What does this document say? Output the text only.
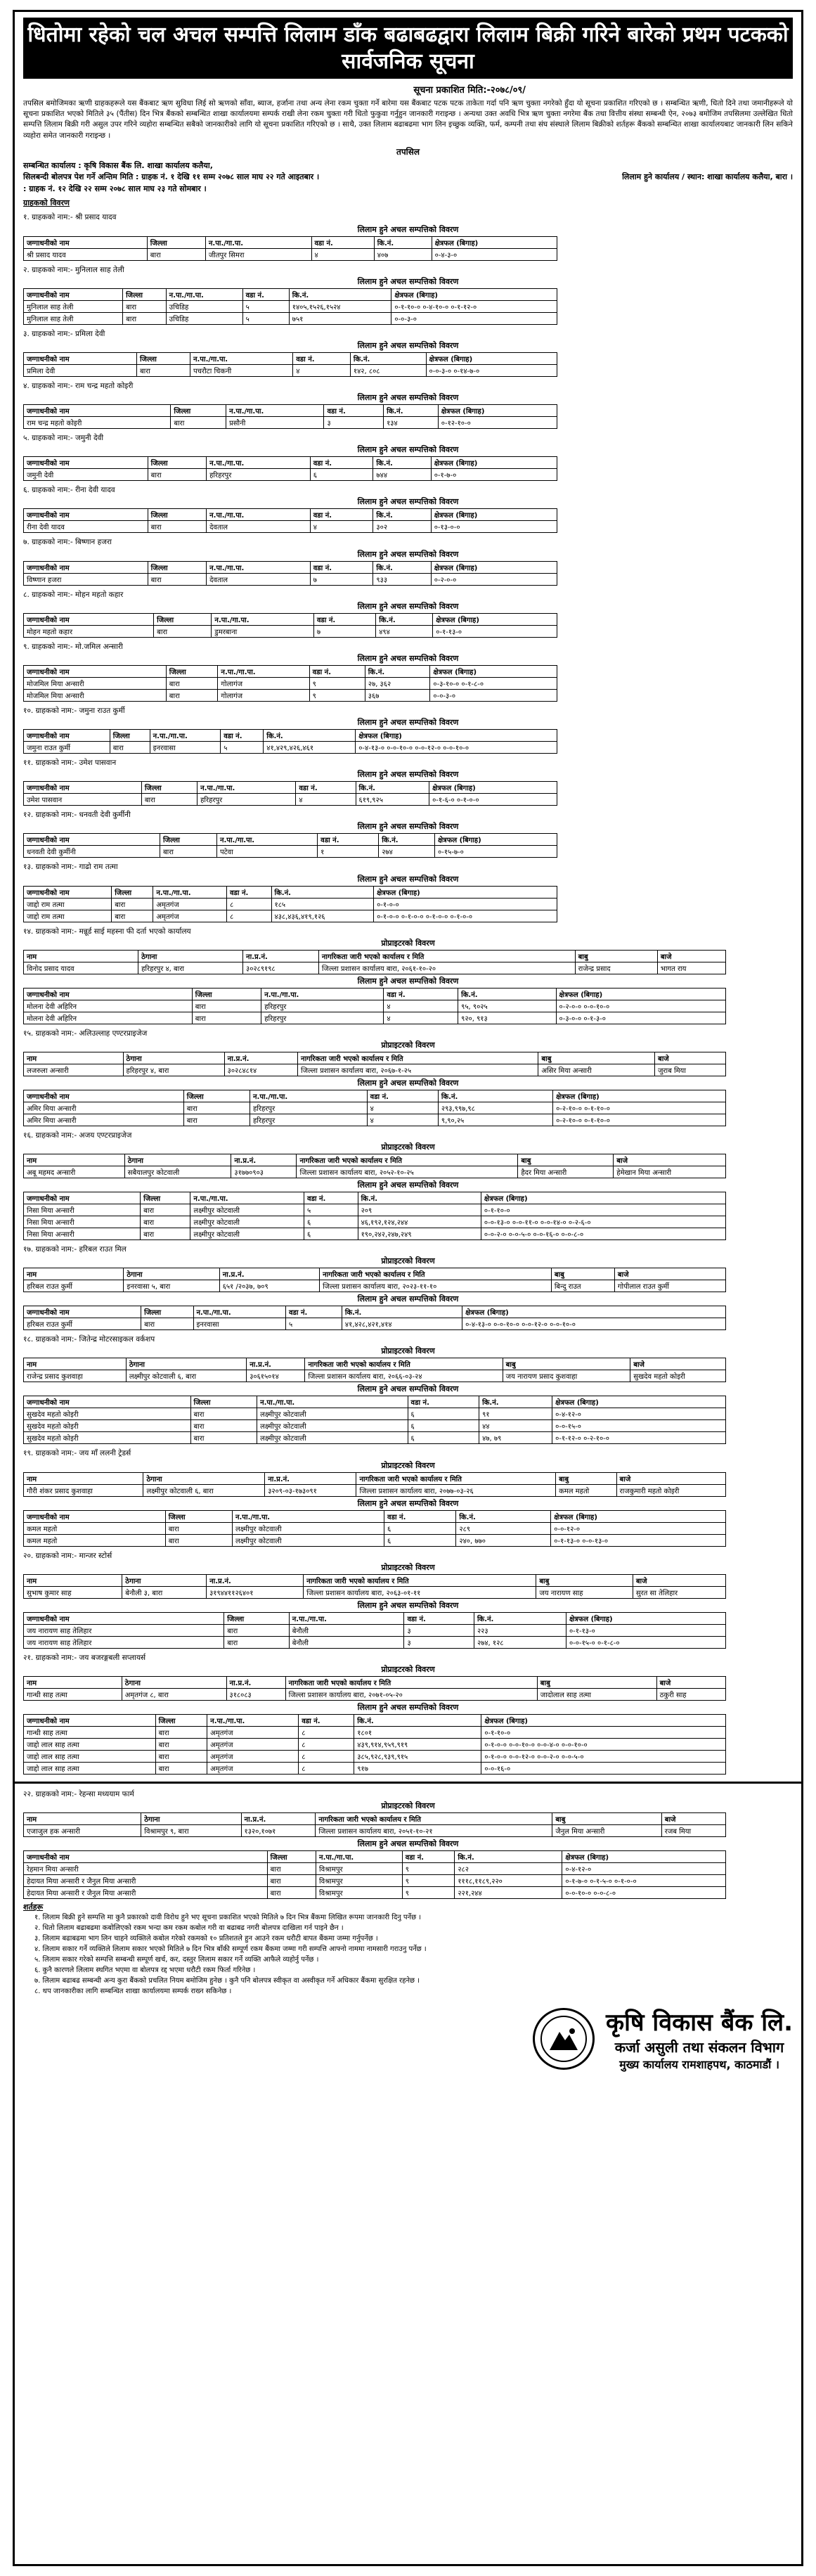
धितोमा रहेको चल अचल सम्पत्ति लिलाम डाँक बढाबढद्वारा लिलाम बिक्री गरिने बारेको प्रथम पटकको सार्वजनिक सूचना
सूचना प्रकाशित मिति:-२०७८/०९/
तपसिल बमोजिमका ऋणी ग्राहकहरूले यस बैंकबाट ऋण सुविधा लिई सो ऋणको साँवा, ब्याज, हर्जाना तथा अन्य लेना रकम चुक्ता गर्ने बारेमा यस बैंकबाट पटक पटक ताकेता गर्दा पनि ऋण चुक्ता नगरेको हुँदा यो सूचना प्रकाशित गरिएको छ । सम्बन्धित ऋणी, धितो दिने तथा जमानीहरूले यो सूचना प्रकाशित भएको मितिले ३५ (पैंतीस) दिन भित्र बैंकको सम्बन्धित शाखा कार्यालयमा सम्पर्क राखी लेना रकम चुक्ता गरी धितो फुकुवा गर्नुहुन जानकारी गराइन्छ । अन्यथा उक्त अवधि भित्र ऋण चुक्ता नगरेमा बैंक तथा वित्तीय संस्था सम्बन्धी ऐन, २०७३ बमोजिम तपसिलमा उल्लेखित धितो सम्पत्ति लिलाम बिक्री गरी असुल उपर गरिने व्यहोरा सम्बन्धित सबैको जानकारीको लागि यो सूचना प्रकाशित गरिएको छ । साथै, उक्त लिलाम बढाबढमा भाग लिन इच्छुक व्यक्ति, फर्म, कम्पनी तथा संघ संस्थाले लिलाम बिक्रीको शर्तहरू बैंकको सम्बन्धित शाखा कार्यालयबाट जानकारी लिन सकिने व्यहोरा समेत जानकारी गराइन्छ ।
तपसिल
सम्बन्धित कार्यालय : कृषि विकास बैंक लि. शाखा कार्यालय कलैया,
सिलबन्दी बोलपत्र पेश गर्ने अन्तिम मिति : ग्राहक नं. १ देखि ११ सम्म २०७८ साल माघ २२ गते आइतबार ।	लिलाम हुने कार्यालय / स्थान: शाखा कार्यालय कलैया, बारा ।
: ग्राहक नं. १२ देखि २२ सम्म २०७८ साल माघ २३ गते सोमबार ।
ग्राहकको विवरण
१. ग्राहकको नाम:- श्री प्रसाद यादव
लिलाम हुने अचल सम्पत्तिको विवरण
जग्गाधनीको नाम	जिल्ला	न.पा./गा.पा.	वडा नं.	कि.नं.	क्षेत्रफल (बिगाह)
श्री प्रसाद यादव	बारा	जीतपुर सिमरा	४	४०७	०-४-३-०
२. ग्राहकको नाम:- मुनिलाल साह तेली
लिलाम हुने अचल सम्पत्तिको विवरण
जग्गाधनीको नाम	जिल्ला	न.पा./गा.पा.	वडा नं.	कि.नं.	क्षेत्रफल (बिगाह)
मुनिलाल साह तेली	बारा	उचिडिह	५	१४०५,१५२६,१५२४	०-१-१०-० ०-४-१०-० ०-१-१२-०
मुनिलाल साह तेली	बारा	उचिडिह	५	७५१	०-०-३-०
३. ग्राहकको नाम:- प्रमिला देवी
लिलाम हुने अचल सम्पत्तिको विवरण
जग्गाधनीको नाम	जिल्ला	न.पा./गा.पा.	वडा नं.	कि.नं.	क्षेत्रफल (बिगाह)
प्रमिला देवी	बारा	पचरौटा चिकनी	४	१४२, ८०८	०-०-३-० ०-१४-७-०
४. ग्राहकको नाम:- राम चन्द्र महतो कोइरी
लिलाम हुने अचल सम्पत्तिको विवरण
जग्गाधनीको नाम	जिल्ला	न.पा./गा.पा.	वडा नं.	कि.नं.	क्षेत्रफल (बिगाह)
राम चन्द्र महतो कोइरी	बारा	प्रसौनी	३	१३४	०-१२-१०-०
५. ग्राहकको नाम:- जमुनी देवी
लिलाम हुने अचल सम्पत्तिको विवरण
जग्गाधनीको नाम	जिल्ला	न.पा./गा.पा.	वडा नं.	कि.नं.	क्षेत्रफल (बिगाह)
जमुनी देवी	बारा	हरिहरपुर	६	७४४	०-१-७-०
६. ग्राहकको नाम:- रीना देवी यादव
लिलाम हुने अचल सम्पत्तिको विवरण
जग्गाधनीको नाम	जिल्ला	न.पा./गा.पा.	वडा नं.	कि.नं.	क्षेत्रफल (बिगाह)
रीना देवी यादव	बारा	देवताल	४	३०२	०-१३-०-०
७. ग्राहकको नाम:- बिष्णान हजरा
लिलाम हुने अचल सम्पत्तिको विवरण
जग्गाधनीको नाम	जिल्ला	न.पा./गा.पा.	वडा नं.	कि.नं.	क्षेत्रफल (बिगाह)
विष्णान हजरा	बारा	देवताल	७	९३३	०-२-०-०
८. ग्राहकको नाम:- मोहन महतो कहार
लिलाम हुने अचल सम्पत्तिको विवरण
जग्गाधनीको नाम	जिल्ला	न.पा./गा.पा.	वडा नं.	कि.नं.	क्षेत्रफल (बिगाह)
मोहन महतो कहार	बारा	डुमरबाना	७	४९४	०-१-१३-०
९. ग्राहकको नाम:- मो.जमिल अन्सारी
लिलाम हुने अचल सम्पत्तिको विवरण
जग्गाधनीको नाम	जिल्ला	न.पा./गा.पा.	वडा नं.	कि.नं.	क्षेत्रफल (बिगाह)
मोजमिल मिया अन्सारी	बारा	गोलागंज	९	२७, ३६२	०-३-१०-० ०-१-८-०
मोजमिल मिया अन्सारी	बारा	गोलागंज	९	३६७	०-०-३-०
१०. ग्राहकको नाम:- जमुना राउत कुर्मी
लिलाम हुने अचल सम्पत्तिको विवरण
जग्गाधनीको नाम	जिल्ला	न.पा./गा.पा.	वडा नं.	कि.नं.	क्षेत्रफल (बिगाह)
जमुना राउत कुर्मी	बारा	इनरवासा	५	४१,४२९,४२६,४६१	०-४-१३-० ०-०-१०-० ०-०-१२-० ०-०-१०-०
११. ग्राहकको नाम:- उमेश पासवान
लिलाम हुने अचल सम्पत्तिको विवरण
जग्गाधनीको नाम	जिल्ला	न.पा./गा.पा.	वडा नं.	कि.नं.	क्षेत्रफल (बिगाह)
उमेश पासवान	बारा	हरिहरपुर	४	६१९,९२५	०-१-६-० ०-१-०-०
१२. ग्राहकको नाम:- धनवती देवी कुर्मीनी
लिलाम हुने अचल सम्पत्तिको विवरण
जग्गाधनीको नाम	जिल्ला	न.पा./गा.पा.	वडा नं.	कि.नं.	क्षेत्रफल (बिगाह)
धनवती देवी कुर्मीनी	बारा	पटेवा	१	२७४	०-१५-७-०
१३. ग्राहकको नाम:- गाढो राम तत्मा
लिलाम हुने अचल सम्पत्तिको विवरण
जग्गाधनीको नाम	जिल्ला	न.पा./गा.पा.	वडा नं.	कि.नं.	क्षेत्रफल (बिगाह)
जाद्दो राम तत्मा	बारा	अमृतगंज	८	१८५	०-१-०-०
जाद्दो राम तत्मा	बारा	अमृतगंज	८	४३८,४३६,४१९,१२६	०-१-०-० ०-१-०-० ०-१-०-० ०-१-०-०
१४. ग्राहकको नाम:- मन्नूर्ड साई महस्ना फी दर्ता भएको कार्यालय
प्रोप्राइटरको विवरण
नाम	ठेगाना	ना.प्र.नं.	नागरिकता जारी भएको कार्यालय र मिति	बाबु	बाजे
विनोद प्रसाद यादव	हरिहरपुर ४, बारा	३०२८९१९८	जिल्ला प्रशासन कार्यालय बारा, २०६१-१०-२०	राजेन्द्र प्रसाद	भागत राय
लिलाम हुने अचल सम्पत्तिको विवरण
जग्गाधनीको नाम	जिल्ला	न.पा./गा.पा.	वडा नं.	कि.नं.	क्षेत्रफल (बिगाह)
मोलना देवी अहिरिन	बारा	हरिहरपुर	४	९५, ९०२५	०-२-०-० ०-०-१०-०
मोलना देवी अहिरिन	बारा	हरिहरपुर	४	९२०, ९१३	०-३-०-० ०-१-३-०
१५. ग्राहकको नाम:- अलिउल्लाह एण्टरप्राइजेज
प्रोप्राइटरको विवरण
नाम	ठेगाना	ना.प्र.नं.	नागरिकता जारी भएको कार्यालय र मिति	बाबु	बाजे
लजरुला अन्सारी	हरिहरपुर ४, बारा	३०२८४८१४	जिल्ला प्रशासन कार्यालय बारा, २०६७-१-२५	असिर मिया अन्सारी	जुराब मिया
लिलाम हुने अचल सम्पत्तिको विवरण
जग्गाधनीको नाम	जिल्ला	न.पा./गा.पा.	वडा नं.	कि.नं.	क्षेत्रफल (बिगाह)
अमिर मिया अन्सारी	बारा	हरिहरपुर	४	२९३,९९७,९८	०-२-१०-० ०-१-१०-०
अमिर मिया अन्सारी	बारा	हरिहरपुर	४	९,९०,२५	०-२-१०-० ०-१-१०-०
१६. ग्राहकको नाम:- अजय एण्टरप्राइजेज
प्रोप्राइटरको विवरण
नाम	ठेगाना	ना.प्र.नं.	नागरिकता जारी भएको कार्यालय र मिति	बाबु	बाजे
अबू महमद अन्सारी	सबैयालपुर कोटवाली	३१७७०९०३	जिल्ला प्रशासन कार्यालय बारा, २०५२-१०-२५	हैदर मिया अन्सारी	हेमेखान मिया अन्सारी
लिलाम हुने अचल सम्पत्तिको विवरण
जग्गाधनीको नाम	जिल्ला	न.पा./गा.पा.	वडा नं.	कि.नं.	क्षेत्रफल (बिगाह)
निसा मिया अन्सारी	बारा	लक्ष्मीपुर कोटवाली	५	२०९	०-१-१०-०
निसा मिया अन्सारी	बारा	लक्ष्मीपुर कोटवाली	६	४६,१९२,१२४,२४४	०-०-१३-० ०-०-११-० ०-०-१४-० ०-२-६-०
निसा मिया अन्सारी	बारा	लक्ष्मीपुर कोटवाली	६	१९०,२४२,२४७,२४९	०-०-२-० ०-०-५-० ०-०-१६-० ०-०-८-०
१७. ग्राहकको नाम:- हरिबल राउत मिल
प्रोप्राइटरको विवरण
नाम	ठेगाना	ना.प्र.नं.	नागरिकता जारी भएको कार्यालय र मिति	बाबु	बाजे
हरिबल राउत कुर्मी	इनरवासा ५, बारा	६५१ /२०३७, ७०९	जिल्ला प्रशासन कार्यालय बारा, २०२३-११-१०	बिन्दु राउत	गोपीलाल राउत कुर्मी
लिलाम हुने अचल सम्पत्तिको विवरण
जग्गाधनीको नाम	जिल्ला	न.पा./गा.पा.	वडा नं.	कि.नं.	क्षेत्रफल (बिगाह)
हरिबल राउत कुर्मी	बारा	इनरवासा	५	४१,४२८,४२१,४१४	०-४-१३-० ०-०-१०-० ०-०-१२-० ०-०-१०-०
१८. ग्राहकको नाम:- जितेन्द्र मोटरसाइकल वर्कशप
प्रोप्राइटरको विवरण
नाम	ठेगाना	ना.प्र.नं.	नागरिकता जारी भएको कार्यालय र मिति	बाबु	बाजे
राजेन्द्र प्रसाद कुशवाहा	लक्ष्मीपुर कोटवाली ६, बारा	३०६१५०१४	जिल्ला प्रशासन कार्यालय बारा, २०६६-०३-२४	जय नारायण प्रसाद कुशवाहा	सुखदेव महतो कोइरी
लिलाम हुने अचल सम्पत्तिको विवरण
जग्गाधनीको नाम	जिल्ला	न.पा./गा.पा.	वडा नं.	कि.नं.	क्षेत्रफल (बिगाह)
सुखदेव महतो कोइरी	बारा	लक्ष्मीपुर कोटवाली	६	९१	०-४-१२-०
सुखदेव महतो कोइरी	बारा	लक्ष्मीपुर कोटवाली	६	४४	०-०-१५-०
सुखदेव महतो कोइरी	बारा	लक्ष्मीपुर कोटवाली	६	४७, ७९	०-१-१२-० ०-२-१०-०
१९. ग्राहकको नाम:- जय माँ ललनी ट्रेडर्स
प्रोप्राइटरको विवरण
नाम	ठेगाना	ना.प्र.नं.	नागरिकता जारी भएको कार्यालय र मिति	बाबु	बाजे
गौरी शंकर प्रसाद कुशवाहा	लक्ष्मीपुर कोटवाली ६, बारा	३२०९-०३-१७३०९१	जिल्ला प्रशासन कार्यालय बारा, २०७७-०३-२६	कमल महतो	राजकुमारी महतो कोइरी
लिलाम हुने अचल सम्पत्तिको विवरण
जग्गाधनीको नाम	जिल्ला	न.पा./गा.पा.	वडा नं.	कि.नं.	क्षेत्रफल (बिगाह)
कमल महतो	बारा	लक्ष्मीपुर कोटवाली	६	२८९	०-०-१२-०
कमल महतो	बारा	लक्ष्मीपुर कोटवाली	६	२४०, ७७०	०-१-१३-० ०-०-१३-०
२०. ग्राहकको नाम:- मान्जर स्टोर्स
प्रोप्राइटरको विवरण
नाम	ठेगाना	ना.प्र.नं.	नागरिकता जारी भएको कार्यालय र मिति	बाबु	बाजे
सुभाष कुमार साह	बेनौली ३, बारा	३१९४४११२६४०१	जिल्ला प्रशासन कार्यालय बारा, २०६३-०१-११	जय नारायण साह	सुरत सा तेलिहार
लिलाम हुने अचल सम्पत्तिको विवरण
जग्गाधनीको नाम	जिल्ला	न.पा./गा.पा.	वडा नं.	कि.नं.	क्षेत्रफल (बिगाह)
जय नारायण साह तेलिहार	बारा	बेनौली	३	२२३	०-१-१३-०
जय नारायण साह तेलिहार	बारा	बेनौली	३	२७४, १२८	०-०-१५-० ०-१-८-०
२१. ग्राहकको नाम:- जय बजरङ्गबली सप्लायर्स
प्रोप्राइटरको विवरण
नाम	ठेगाना	ना.प्र.नं.	नागरिकता जारी भएको कार्यालय र मिति	बाबु	बाजे
गान्धी साह तत्मा	अमृतगंज ८, बारा	३१८०८३	जिल्ला प्रशासन कार्यालय बारा, २०७१-०५-२०	जादोलाल साह तत्मा	ठकुरी साह
लिलाम हुने अचल सम्पत्तिको विवरण
जग्गाधनीको नाम	जिल्ला	न.पा./गा.पा.	वडा नं.	कि.नं.	क्षेत्रफल (बिगाह)
गान्धी साह तत्मा	बारा	अमृतगंज	८	१८०१	०-१-१०-०
जाद्दो लाल साह तत्मा	बारा	अमृतगंज	८	४३९,९१४,९५९,९१९	०-१-०-० ०-०-१०-० ०-०-४-० ०-०-१०-०
जाद्दो लाल साह तत्मा	बारा	अमृतगंज	८	३८५,९२८,९३९,९१५	०-१-०-० ०-०-१२-० ०-०-२-० ०-०-५-०
जाद्दो लाल साह तत्मा	बारा	अमृतगंज	८	९१७	०-०-१६-०
२२. ग्राहकको नाम:- रेहन्सा मध्ययाम फार्म
प्रोप्राइटरको विवरण
नाम	ठेगाना	ना.प्र.नं.	नागरिकता जारी भएको कार्यालय र मिति	बाबु	बाजे
एजाजुल हक अन्सारी	विश्रामपुर ९, बारा	१३२०,१०७१	जिल्ला प्रशासन कार्यालय बारा, २०५१-१०-२१	जैनुल मिया अन्सारी	रजब मिया
लिलाम हुने अचल सम्पत्तिको विवरण
जग्गाधनीको नाम	जिल्ला	न.पा./गा.पा.	वडा नं.	कि.नं.	क्षेत्रफल (बिगाह)
रेहमान मिया अन्सारी	बारा	विश्रामपुर	९	२८२	०-४-१२-०
हेदायत मिया अन्सारी र जैनुल मिया अन्सारी	बारा	विश्रामपुर	९	१११८,११८९,२२०	०-१-७-० ०-१-५-० ०-१-०-०
हेदायत मिया अन्सारी र जैनुल मिया अन्सारी	बारा	विश्रामपुर	९	२२१,२४४	०-०-१०-० ०-०-८-०
शर्तहरू
१. लिलाम बिक्री हुने सम्पत्ति मा कुनै प्रकारको दावी विरोध हुने भए सूचना प्रकाशित भएको मितिले ७ दिन भित्र बैंकमा लिखित रूपमा जानकारी दिनु पर्नेछ ।
२. धितो लिलाम बढाबढमा कबोलिएको रकम भन्दा कम रकम कबोल गरी वा बढाबढ नगरी बोलपत्र दाखिला गर्न पाइने छैन ।
३. लिलाम बढाबढमा भाग लिन चाहने व्यक्तिले कबोल गरेको रकमको १० प्रतिशतले हुन आउने रकम धरौटी बापत बैंकमा जम्मा गर्नुपर्नेछ ।
४. लिलाम सकार गर्ने व्यक्तिले लिलाम सकार भएको मितिले ७ दिन भित्र बाँकी सम्पूर्ण रकम बैंकमा जम्मा गरी सम्पत्ति आफ्नो नाममा नामसारी गराउनु पर्नेछ ।
५. लिलाम सकार गरेको सम्पत्ति सम्बन्धी सम्पूर्ण खर्च, कर, दस्तुर लिलाम सकार गर्ने व्यक्ति आफैले व्यहोर्नु पर्नेछ ।
६. कुनै कारणले लिलाम स्थगित भएमा वा बोलपत्र रद्द भएमा धरौटी रकम फिर्ता गरिनेछ ।
७. लिलाम बढाबढ सम्बन्धी अन्य कुरा बैंकको प्रचलित नियम बमोजिम हुनेछ । कुनै पनि बोलपत्र स्वीकृत वा अस्वीकृत गर्ने अधिकार बैंकमा सुरक्षित रहनेछ ।
८. थप जानकारीका लागि सम्बन्धित शाखा कार्यालयमा सम्पर्क राख्न सकिनेछ ।
कृषि विकास बैंक लि.
कर्जा असुली तथा संकलन विभाग
मुख्य कार्यालय रामशाहपथ, काठमाडौं ।
